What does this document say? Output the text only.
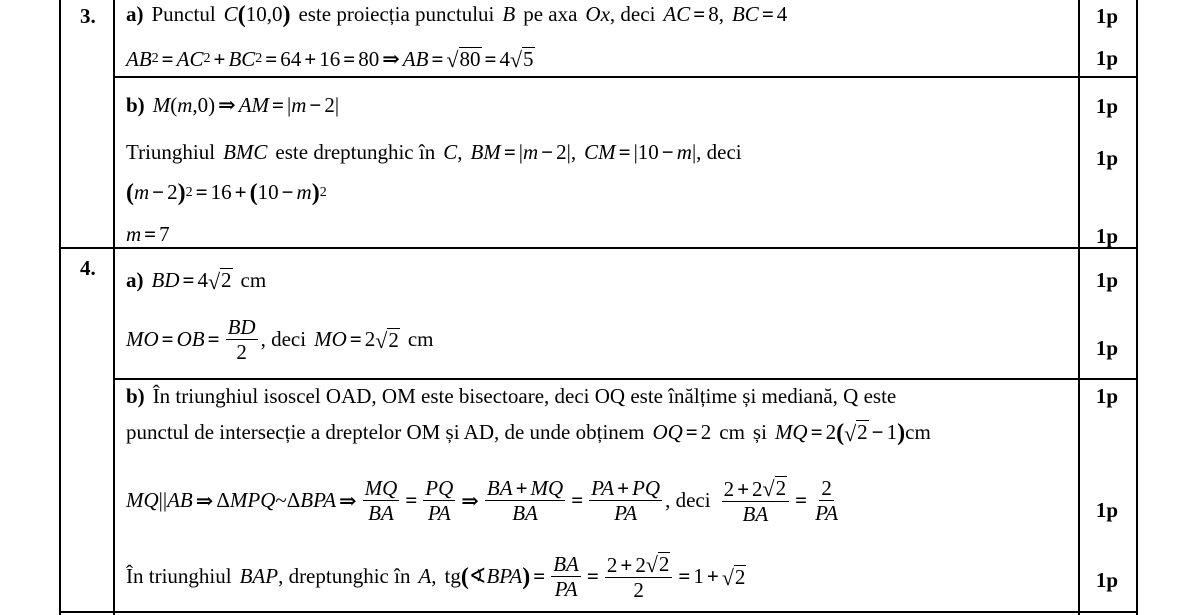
3.
4.
a) Punctul C ( 10,0 ) este proiecția punctului B pe axa Ox , deci AC = 8, BC = 4
AB 2 = AC 2 + BC 2 = 64 + 16 = 80 ⇒ AB = √ 80 = 4 √ 5
1p
1p
b) M ( m ,0) ⇒ AM = | m − 2|
Triunghiul BMC este dreptunghic în C , BM = | m − 2|, CM = |10 − m | , deci
( m − 2 ) 2 = 16 + ( 10 − m ) 2
m = 7
1p
1p
1p
a) BD = 4 √ 2 cm
MO = OB = $\frac{BD}{2}$ , deci MO = 2 √ 2 cm
1p
1p
b) În triunghiul isoscel OAD, OM este bisectoare, deci OQ este înălțime și mediană, Q este
punctul de intersecție a dreptelor OM și AD, de unde obținem OQ = 2 cm și MQ = 2 ( √ 2 − 1 ) cm
MQ || AB ⇒ Δ MPQ ~ Δ BPA ⇒ $\frac{MQ}{BA} = \frac{PQ}{PA}$ ⇒ $\frac{BA + MQ}{BA} = \frac{PA + PQ}{PA}$ , deci $\frac{2 + 2 √ 2}{BA} = \frac{2}{PA}$
În triunghiul BAP , dreptunghic în A , tg ( ∢ BPA ) = $\frac{BA}{PA} = \frac{2 + 2 √ 2}{2} = 1$ + √ 2
1p
1p
1p
